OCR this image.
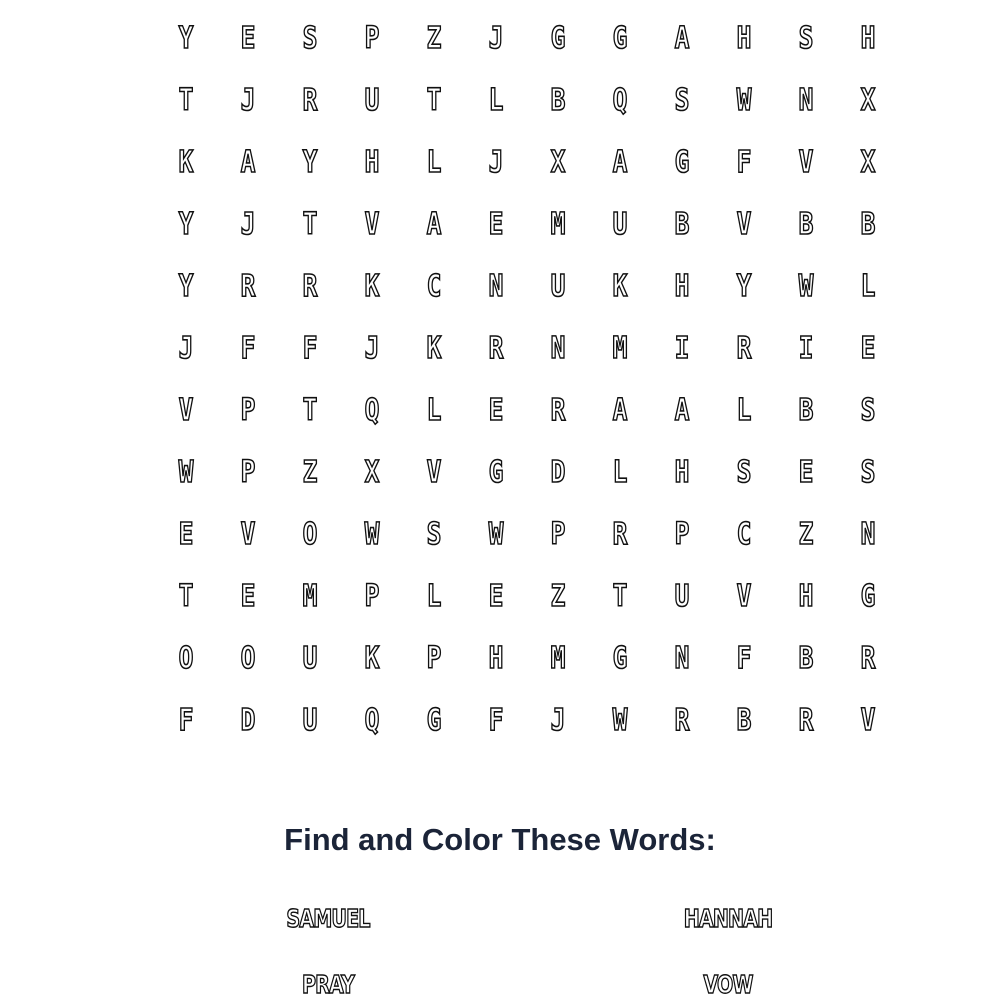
Y	E	S	P	Z	J	G	G	A	H	S	H
T	J	R	U	T	L	B	Q	S	W	N	X
K	A	Y	H	L	J	X	A	G	F	V	X
Y	J	T	V	A	E	M	U	B	V	B	B
Y	R	R	K	C	N	U	K	H	Y	W	L
J	F	F	J	K	R	N	M	I	R	I	E
V	P	T	Q	L	E	R	A	A	L	B	S
W	P	Z	X	V	G	D	L	H	S	E	S
E	V	O	W	S	W	P	R	P	C	Z	N
T	E	M	P	L	E	Z	T	U	V	H	G
O	O	U	K	P	H	M	G	N	F	B	R
F	D	U	Q	G	F	J	W	R	B	R	V
Find and Color These Words:
SAMUEL	HANNAH
PRAY	VOW
